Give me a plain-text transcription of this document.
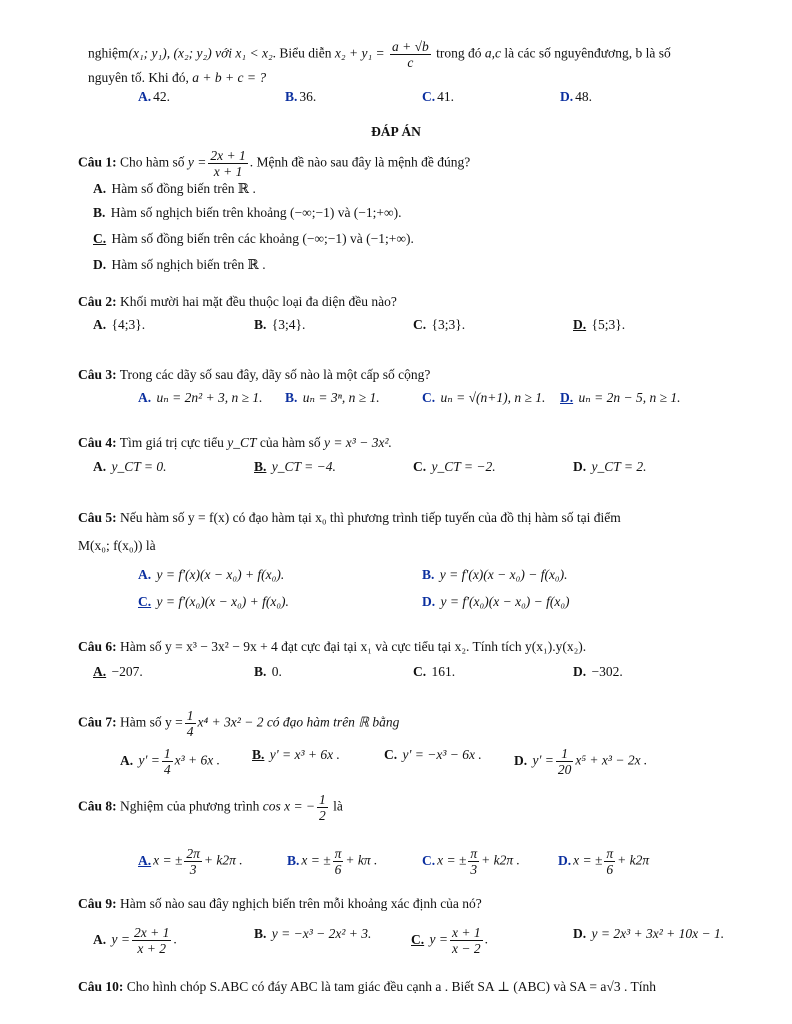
nghiệm(x₁; y₁), (x₂; y₂) với x₁ < x₂. Biểu diễn $x_2 + y_1 = \frac{a + √b}{c}$ trong đó a,c là các số nguyênđương, b là số
nguyên tố. Khi đó, a + b + c = ?
A. 42.	B. 36.	C. 41.	D. 48.
ĐÁP ÁN
Câu 1: Cho hàm số $y = \frac{2x + 1}{x + 1}$ . Mệnh đề nào sau đây là mệnh đề đúng?
A. Hàm số đồng biến trên ℝ .
B. Hàm số nghịch biến trên khoảng (−∞;−1) và (−1;+∞).
C. Hàm số đồng biến trên các khoảng (−∞;−1) và (−1;+∞).
D. Hàm số nghịch biến trên ℝ .
Câu 2: Khối mười hai mặt đều thuộc loại đa diện đều nào?
A. {4;3}.	B. {3;4}.	C. {3;3}.	D. {5;3}.
Câu 3: Trong các dãy số sau đây, dãy số nào là một cấp số cộng?
A. uₙ = 2n² + 3, n ≥ 1. B. uₙ = 3ⁿ, n ≥ 1.	C. uₙ = √(n+1), n ≥ 1. D. uₙ = 2n − 5, n ≥ 1.
Câu 4: Tìm giá trị cực tiểu y_CT của hàm số y = x³ − 3x².
A. y_CT = 0.	B. y_CT = −4.	C. y_CT = −2.	D. y_CT = 2.
Câu 5: Nếu hàm số y = f(x) có đạo hàm tại x₀ thì phương trình tiếp tuyến của đồ thị hàm số tại điểm
M(x₀; f(x₀)) là
A. y = f′(x)(x − x₀) + f(x₀).	B. y = f′(x)(x − x₀) − f(x₀).
C. y = f′(x₀)(x − x₀) + f(x₀).	D. y = f′(x₀)(x − x₀) − f(x₀)
Câu 6: Hàm số y = x³ − 3x² − 9x + 4 đạt cực đại tại x₁ và cực tiểu tại x₂. Tính tích y(x₁).y(x₂).
A. −207.	B. 0.	C. 161.	D. −302.
Câu 7: Hàm số $y = \frac{1}{4} x^4 + 3x^2 - 2$ có đạo hàm trên ℝ bằng
A. $y' = \frac{1}{4} x^3 + 6x$ . B. y' = x³ + 6x .	C. y' = −x³ − 6x . D. $y' = \frac{1}{20} x^5 + x^3 - 2x$ .
Câu 8: Nghiệm của phương trình cos x = − $\frac{1}{2}$ là
A. x = ± $\frac{2\pi}{3} + k2\pi$ .	B. x = ± $\frac{\pi}{6} + k\pi$ .	C. x = ± $\frac{\pi}{3} + k2\pi$ .	D. x = ± $\frac{\pi}{6} + k2\pi$
Câu 9: Hàm số nào sau đây nghịch biến trên mỗi khoảng xác định của nó?
A. $y = \frac{2x + 1}{x + 2}$ .	B. y = −x³ − 2x² + 3.	C. $y = \frac{x + 1}{x - 2}$ .	D. y = 2x³ + 3x² + 10x − 1.
Câu 10: Cho hình chóp S.ABC có đáy ABC là tam giác đều cạnh a . Biết SA ⊥ (ABC) và SA = a√3 . Tính
